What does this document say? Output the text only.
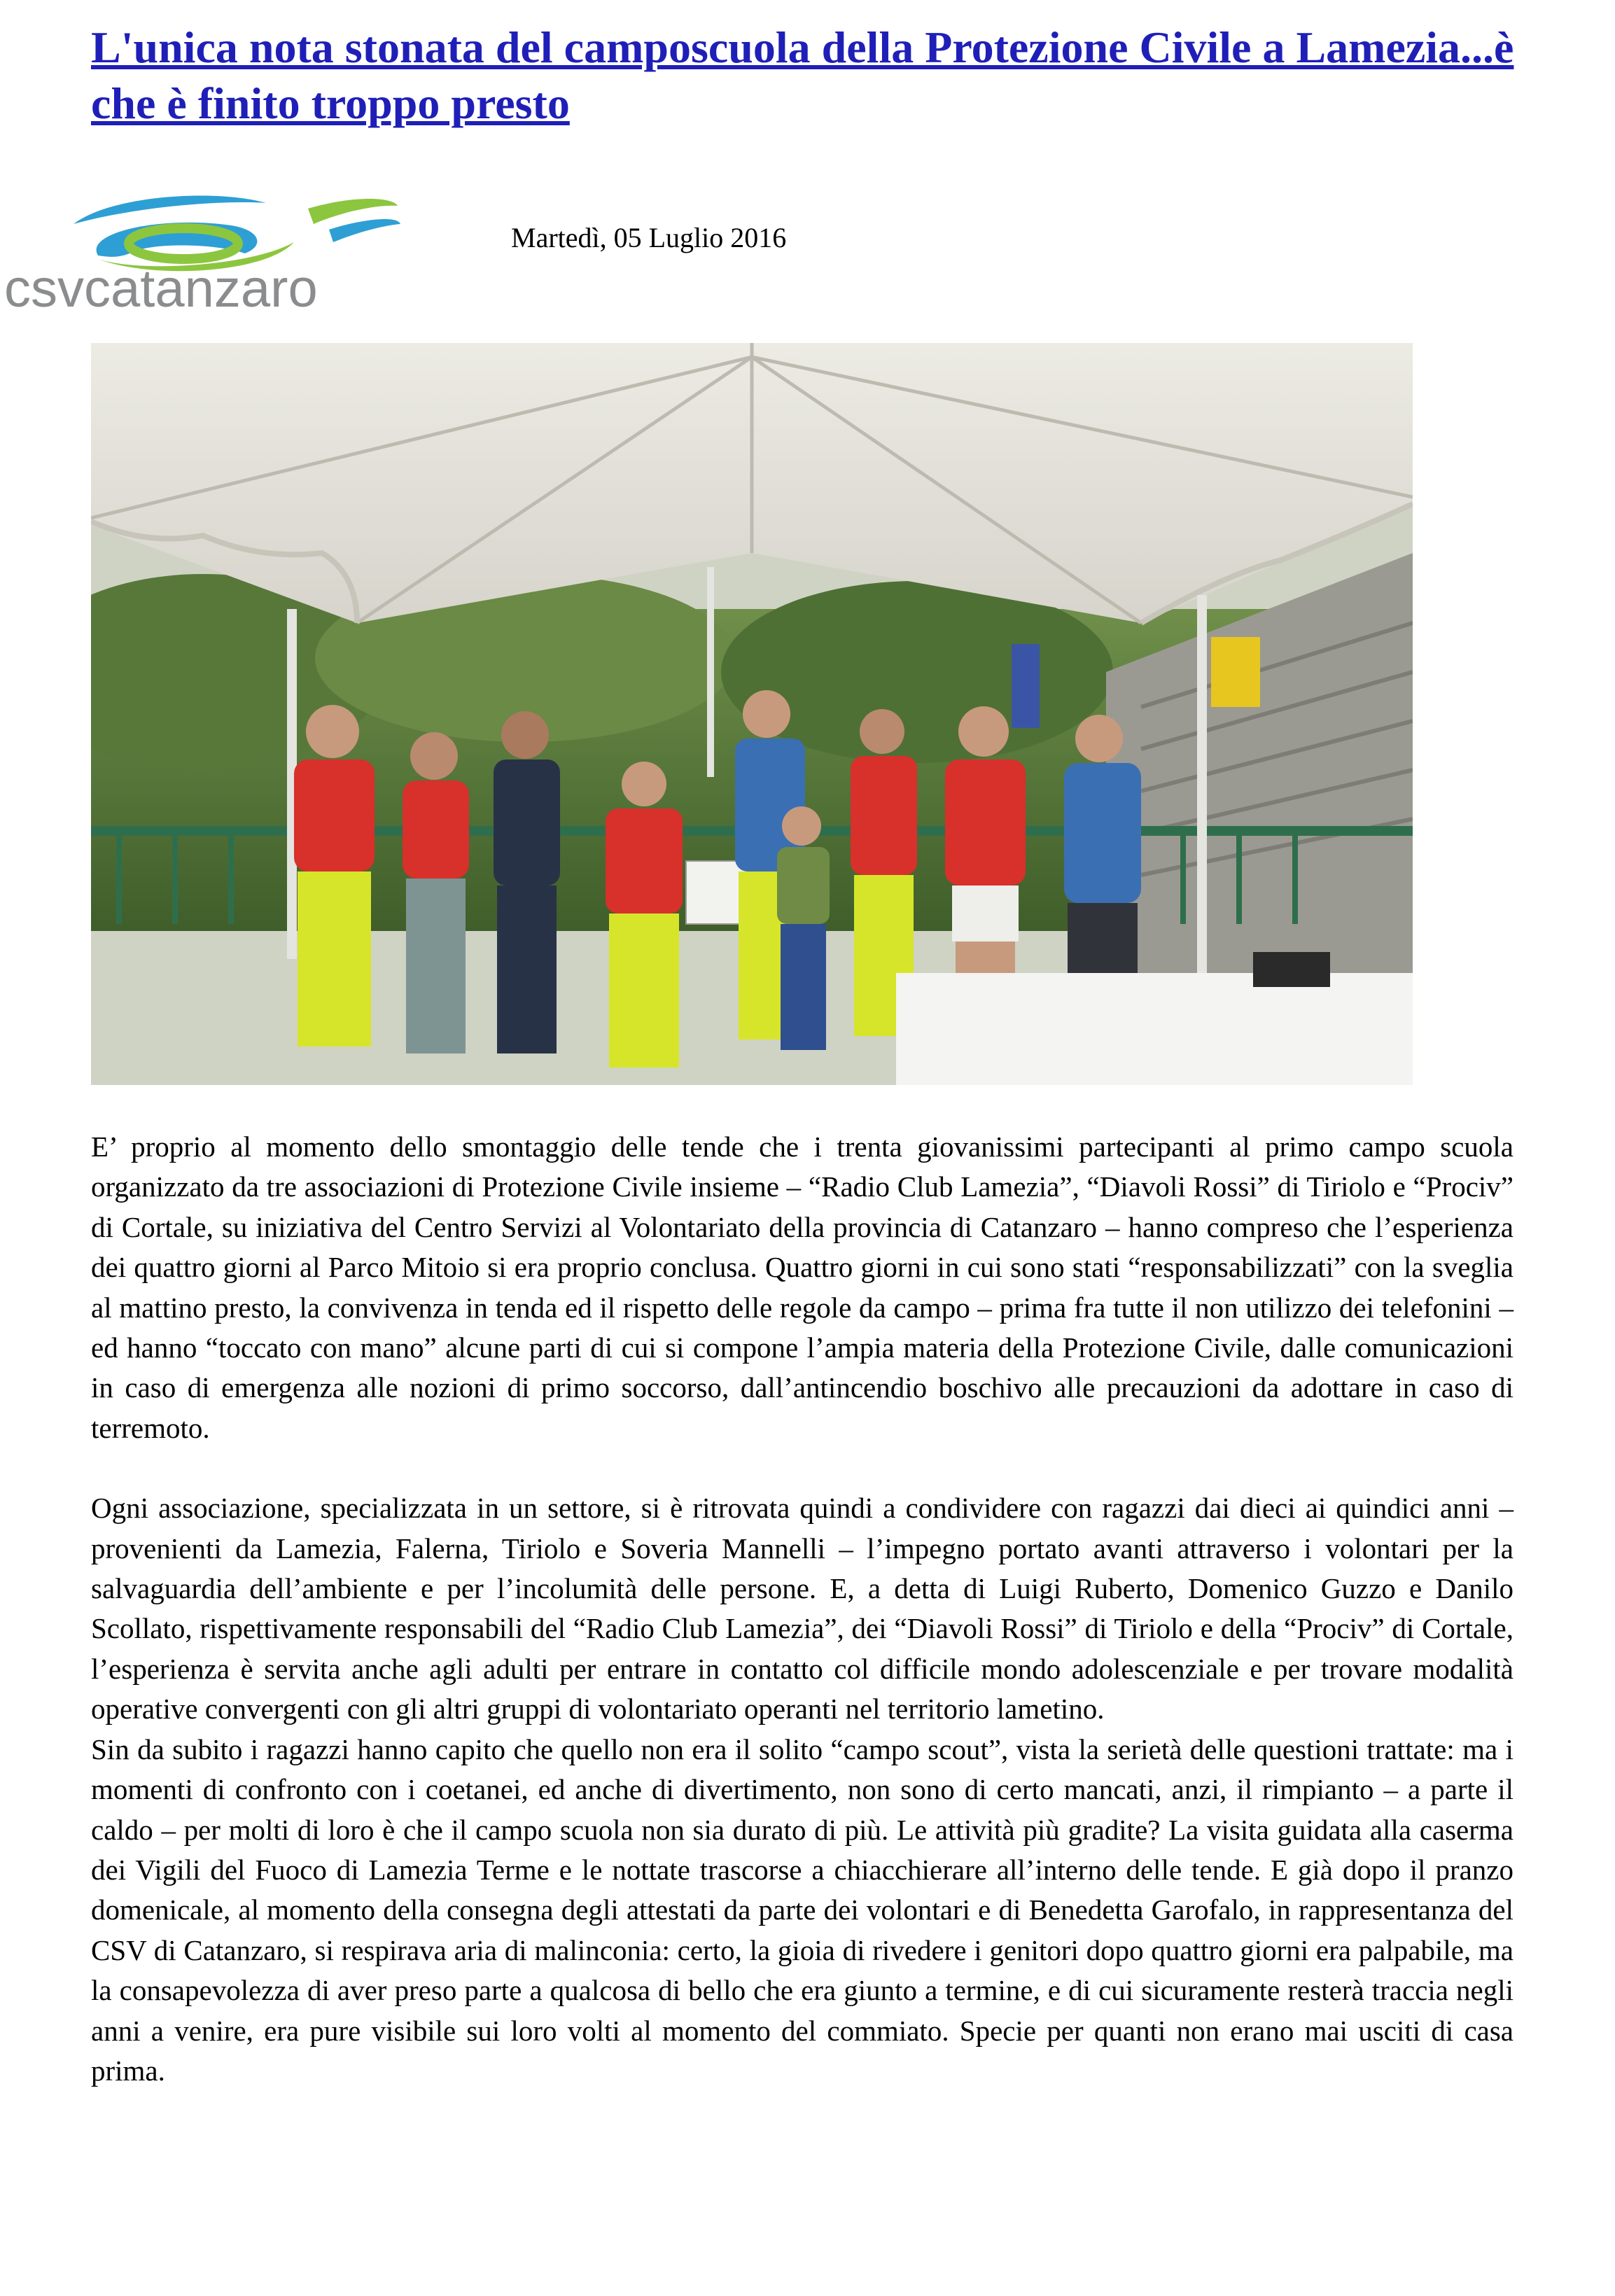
L'unica nota stonata del camposcuola della Protezione Civile a Lamezia...è che è finito troppo presto
csvcatanzaro
Martedì, 05 Luglio 2016

E’ proprio al momento dello smontaggio delle tende che i trenta giovanissimi partecipanti al primo campo scuola organizzato da tre associazioni di Protezione Civile insieme – “Radio Club Lamezia”, “Diavoli Rossi” di Tiriolo e “Prociv” di Cortale, su iniziativa del Centro Servizi al Volontariato della provincia di Catanzaro – hanno compreso che l’esperienza dei quattro giorni al Parco Mitoio si era proprio conclusa. Quattro giorni in cui sono stati “responsabilizzati” con la sveglia al mattino presto, la convivenza in tenda ed il rispetto delle regole da campo – prima fra tutte il non utilizzo dei telefonini – ed hanno “toccato con mano” alcune parti di cui si compone l’ampia materia della Protezione Civile, dalle comunicazioni in caso di emergenza alle nozioni di primo soccorso, dall’antincendio boschivo alle precauzioni da adottare in caso di terremoto.

Ogni associazione, specializzata in un settore, si è ritrovata quindi a condividere con ragazzi dai dieci ai quindici anni – provenienti da Lamezia, Falerna, Tiriolo e Soveria Mannelli – l’impegno portato avanti attraverso i volontari per la salvaguardia dell’ambiente e per l’incolumità delle persone. E, a detta di Luigi Ruberto, Domenico Guzzo e Danilo Scollato, rispettivamente responsabili del “Radio Club Lamezia”, dei “Diavoli Rossi” di Tiriolo e della “Prociv” di Cortale, l’esperienza è servita anche agli adulti per entrare in contatto col difficile mondo adolescenziale e per trovare modalità operative convergenti con gli altri gruppi di volontariato operanti nel territorio lametino.

Sin da subito i ragazzi hanno capito che quello non era il solito “campo scout”, vista la serietà delle questioni trattate: ma i momenti di confronto con i coetanei, ed anche di divertimento, non sono di certo mancati, anzi, il rimpianto – a parte il caldo – per molti di loro è che il campo scuola non sia durato di più. Le attività più gradite? La visita guidata alla caserma dei Vigili del Fuoco di Lamezia Terme e le nottate trascorse a chiacchierare all’interno delle tende. E già dopo il pranzo domenicale, al momento della consegna degli attestati da parte dei volontari e di Benedetta Garofalo, in rappresentanza del CSV di Catanzaro, si respirava aria di malinconia: certo, la gioia di rivedere i genitori dopo quattro giorni era palpabile, ma la consapevolezza di aver preso parte a qualcosa di bello che era giunto a termine, e di cui sicuramente resterà traccia negli anni a venire, era pure visibile sui loro volti al momento del commiato. Specie per quanti non erano mai usciti di casa prima.
